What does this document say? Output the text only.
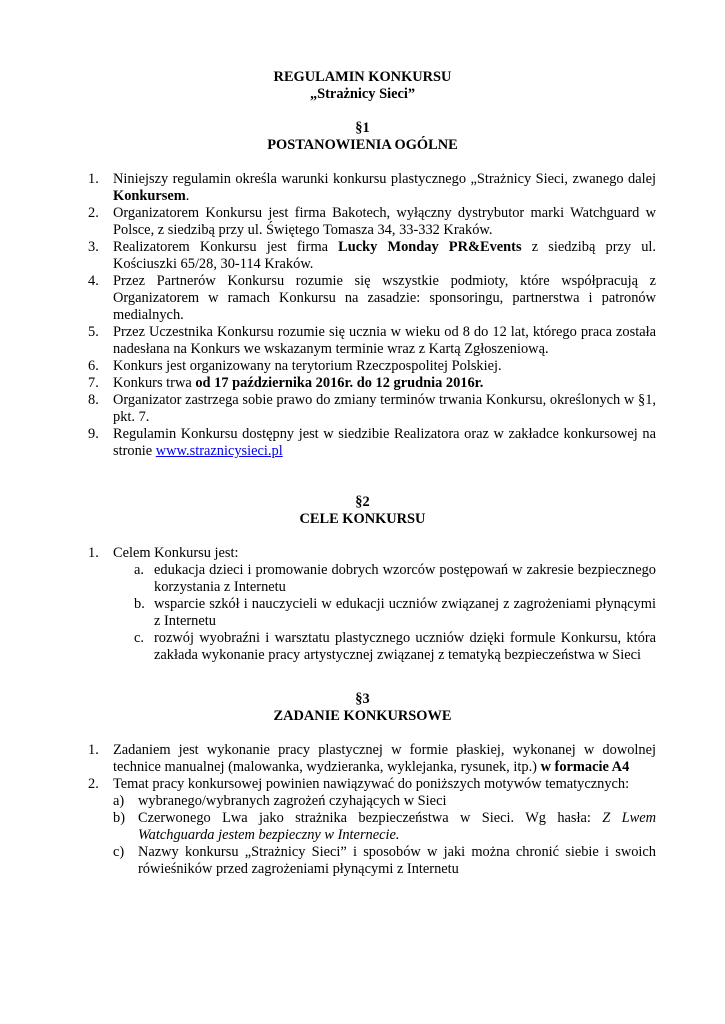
REGULAMIN KONKURSU
„Strażnicy Sieci”
§1
POSTANOWIENIA OGÓLNE
1. Niniejszy regulamin określa warunki konkursu plastycznego „Strażnicy Sieci, zwanego dalej Konkursem.
2. Organizatorem Konkursu jest firma Bakotech, wyłączny dystrybutor marki Watchguard w Polsce, z siedzibą przy ul. Świętego Tomasza 34, 33-332 Kraków.
3. Realizatorem Konkursu jest firma Lucky Monday PR&Events z siedzibą przy ul. Kościuszki 65/28, 30-114 Kraków.
4. Przez Partnerów Konkursu rozumie się wszystkie podmioty, które współpracują z Organizatorem w ramach Konkursu na zasadzie: sponsoringu, partnerstwa i patronów medialnych.
5. Przez Uczestnika Konkursu rozumie się ucznia w wieku od 8 do 12 lat, którego praca została nadesłana na Konkurs we wskazanym terminie wraz z Kartą Zgłoszeniową.
6. Konkurs jest organizowany na terytorium Rzeczpospolitej Polskiej.
7. Konkurs trwa od 17 października 2016r. do 12 grudnia 2016r.
8. Organizator zastrzega sobie prawo do zmiany terminów trwania Konkursu, określonych w §1, pkt. 7.
9. Regulamin Konkursu dostępny jest w siedzibie Realizatora oraz w zakładce konkursowej na stronie www.straznicysieci.pl
§2
CELE KONKURSU
1. Celem Konkursu jest:
a. edukacja dzieci i promowanie dobrych wzorców postępowań w zakresie bezpiecznego korzystania z Internetu
b. wsparcie szkół i nauczycieli w edukacji uczniów związanej z zagrożeniami płynącymi z Internetu
c. rozwój wyobraźni i warsztatu plastycznego uczniów dzięki formule Konkursu, która zakłada wykonanie pracy artystycznej związanej z tematyką bezpieczeństwa w Sieci
§3
ZADANIE KONKURSOWE
1. Zadaniem jest wykonanie pracy plastycznej w formie płaskiej, wykonanej w dowolnej technice manualnej (malowanka, wydzieranka, wyklejanka, rysunek, itp.) w formacie A4
2. Temat pracy konkursowej powinien nawiązywać do poniższych motywów tematycznych:
a) wybranego/wybranych zagrożeń czyhających w Sieci
b) Czerwonego Lwa jako strażnika bezpieczeństwa w Sieci. Wg hasła: Z Lwem Watchguarda jestem bezpieczny w Internecie.
c) Nazwy konkursu „Strażnicy Sieci” i sposobów w jaki można chronić siebie i swoich rówieśników przed zagrożeniami płynącymi z Internetu
